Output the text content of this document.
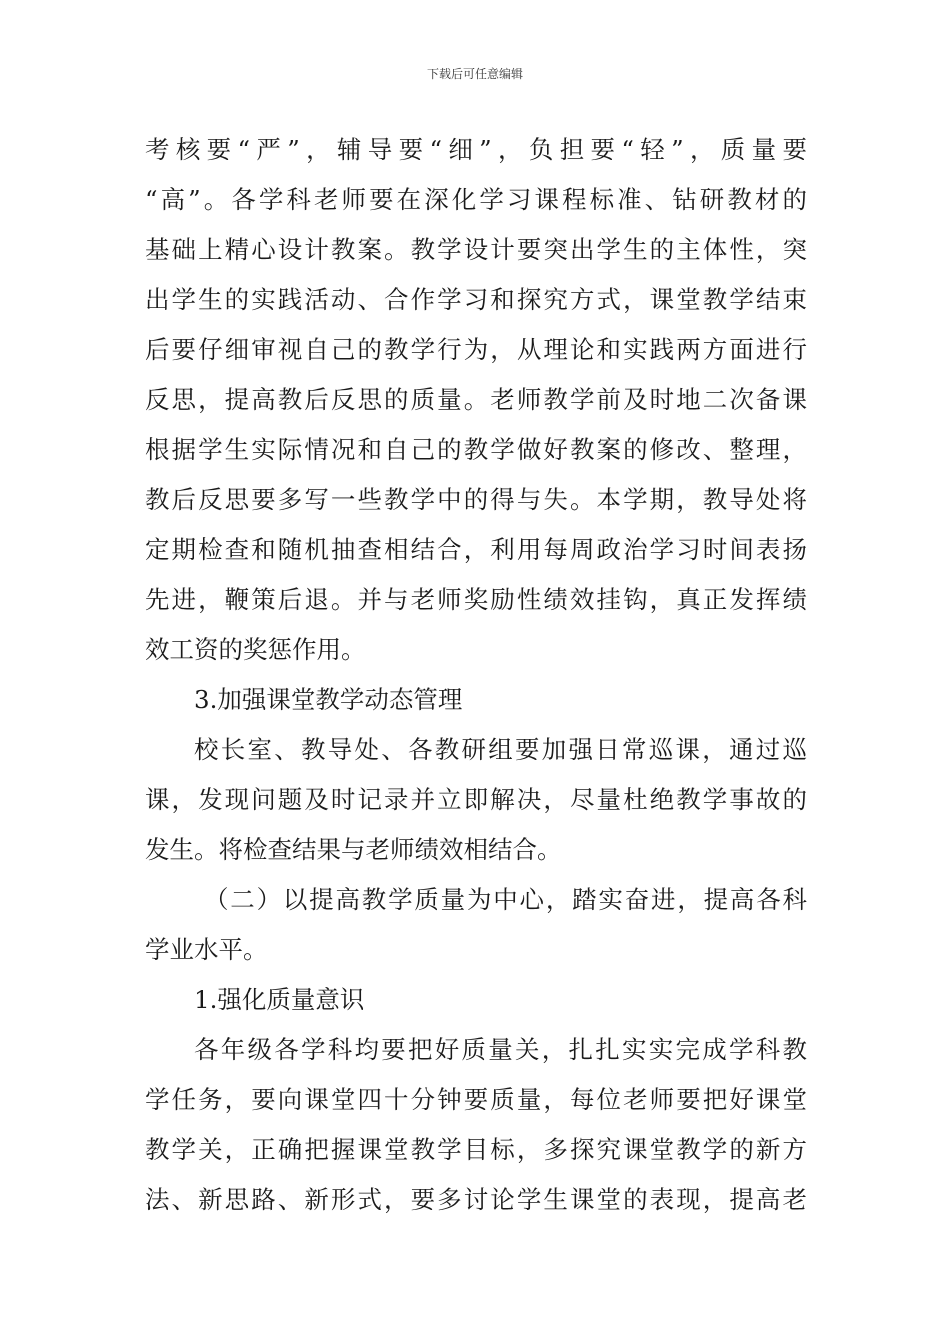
下载后可任意编辑
考核要“严”，辅导要“细”，负担要“轻”，质量要
“高”。各学科老师要在深化学习课程标准、钻研教材的
基础上精心设计教案。教学设计要突出学生的主体性，突
出学生的实践活动、合作学习和探究方式，课堂教学结束
后要仔细审视自己的教学行为，从理论和实践两方面进行
反思，提高教后反思的质量。老师教学前及时地二次备课
根据学生实际情况和自己的教学做好教案的修改、整理，
教后反思要多写一些教学中的得与失。本学期，教导处将
定期检查和随机抽查相结合，利用每周政治学习时间表扬
先进，鞭策后退。并与老师奖励性绩效挂钩，真正发挥绩
效工资的奖惩作用。
3.加强课堂教学动态管理
校长室、教导处、各教研组要加强日常巡课，通过巡
课，发现问题及时记录并立即解决，尽量杜绝教学事故的
发生。将检查结果与老师绩效相结合。
（二）以提高教学质量为中心，踏实奋进，提高各科
学业水平。
1.强化质量意识
各年级各学科均要把好质量关，扎扎实实完成学科教
学任务，要向课堂四十分钟要质量，每位老师要把好课堂
教学关，正确把握课堂教学目标，多探究课堂教学的新方
法、新思路、新形式，要多讨论学生课堂的表现，提高老
